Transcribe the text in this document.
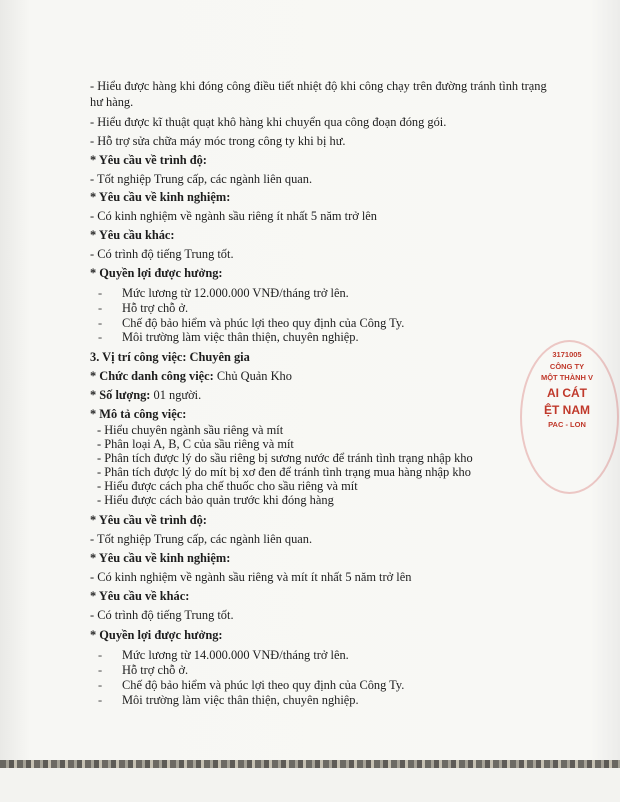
- Hiểu được hàng khi đóng công điều tiết nhiệt độ khi công chạy trên đường tránh tình trạng
hư hàng.
- Hiểu được kĩ thuật quạt khô hàng khi chuyển qua công đoạn đóng gói.
- Hỗ trợ sửa chữa máy móc trong công ty khi bị hư.
* Yêu cầu về trình độ:
- Tốt nghiệp Trung cấp, các ngành liên quan.
* Yêu cầu về kinh nghiệm:
- Có kinh nghiệm về ngành sầu riêng ít nhất 5 năm trở lên
* Yêu cầu khác:
- Có trình độ tiếng Trung tốt.
* Quyền lợi được hưởng:
- Mức lương từ 12.000.000 VNĐ/tháng trở lên.
- Hỗ trợ chỗ ở.
- Chế độ bảo hiểm và phúc lợi theo quy định của Công Ty.
- Môi trường làm việc thân thiện, chuyên nghiệp.
3. Vị trí công việc: Chuyên gia
* Chức danh công việc: Chủ Quản Kho
* Số lượng: 01 người.
* Mô tả công việc:
- Hiểu chuyên ngành sầu riêng và mít
- Phân loại A, B, C của sầu riêng và mít
- Phân tích được lý do sầu riêng bị sương nước để tránh tình trạng nhập kho
- Phân tích được lý do mít bị xơ đen để tránh tình trạng mua hàng nhập kho
- Hiểu được cách pha chế thuốc cho sầu riêng và mít
- Hiểu được cách bảo quản trước khi đóng hàng
* Yêu cầu về trình độ:
- Tốt nghiệp Trung cấp, các ngành liên quan.
* Yêu cầu về kinh nghiệm:
- Có kinh nghiệm về ngành sầu riêng và mít ít nhất 5 năm trở lên
* Yêu cầu về khác:
- Có trình độ tiếng Trung tốt.
* Quyền lợi được hưởng:
- Mức lương từ 14.000.000 VNĐ/tháng trở lên.
- Hỗ trợ chỗ ở.
- Chế độ bảo hiểm và phúc lợi theo quy định của Công Ty.
- Môi trường làm việc thân thiện, chuyên nghiệp.
3171005
CÔNG TY
MỘT THÀNH V
AI CÁT
ỆT NAM
PAC - LON
